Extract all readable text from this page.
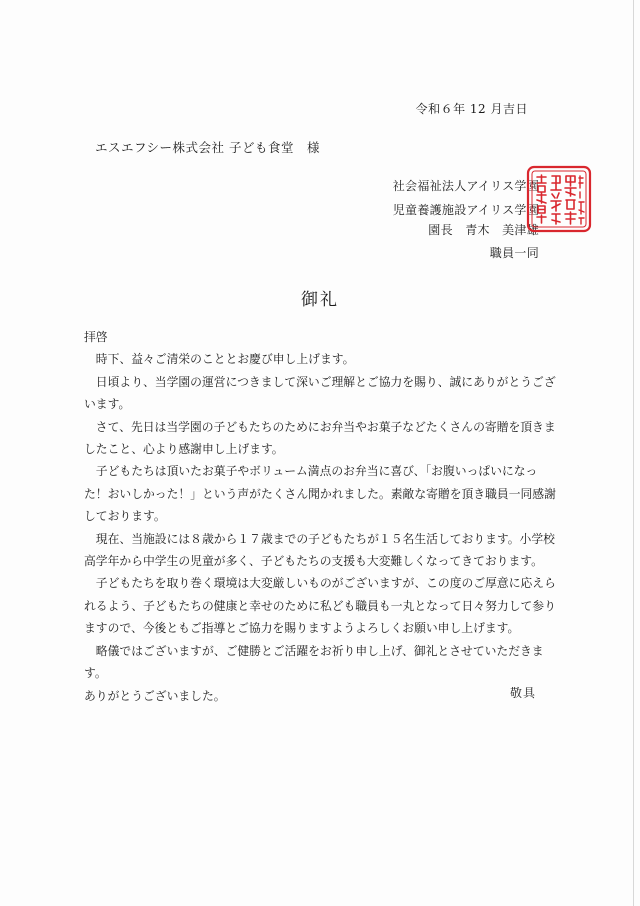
令和６年 12 月吉日
エスエフシー株式会社 子ども食堂　様
社会福祉法人アイリス学園
児童養護施設アイリス学園
園長　青木　美津雄
職員一同
御礼

拝啓

時下、益々ご清栄のこととお慶び申し上げます。

日頃より、当学園の運営につきまして深いご理解とご協力を賜り、誠にありがとうございます。

さて、先日は当学園の子どもたちのためにお弁当やお菓子などたくさんの寄贈を頂きましたこと、心より感謝申し上げます。

子どもたちは頂いたお菓子やボリューム満点のお弁当に喜び、「お腹いっぱいになった！おいしかった！」という声がたくさん聞かれました。素敵な寄贈を頂き職員一同感謝しております。

現在、当施設には８歳から１７歳までの子どもたちが１５名生活しております。小学校高学年から中学生の児童が多く、子どもたちの支援も大変難しくなってきております。

子どもたちを取り巻く環境は大変厳しいものがございますが、この度のご厚意に応えられるよう、子どもたちの健康と幸せのために私ども職員も一丸となって日々努力して参りますので、今後ともご指導とご協力を賜りますようよろしくお願い申し上げます。

略儀ではございますが、ご健勝とご活躍をお祈り申し上げ、御礼とさせていただきます。

ありがとうございました。	敬具
